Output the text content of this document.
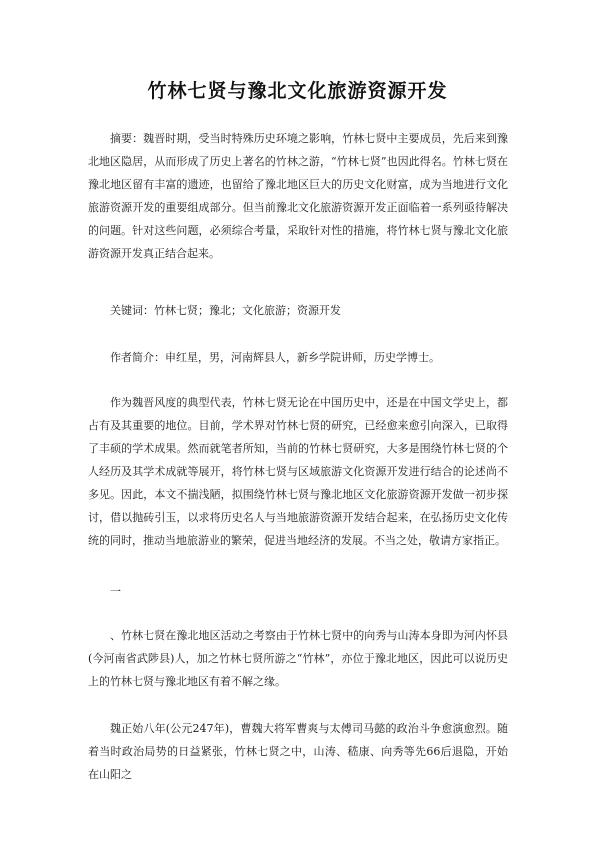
竹林七贤与豫北文化旅游资源开发

摘要：魏晋时期，受当时特殊历史环境之影响，竹林七贤中主要成员，先后来到豫北地区隐居，从而形成了历史上著名的竹林之游，“竹林七贤”也因此得名。竹林七贤在豫北地区留有丰富的遗迹，也留给了豫北地区巨大的历史文化财富，成为当地进行文化旅游资源开发的重要组成部分。但当前豫北文化旅游资源开发正面临着一系列亟待解决的问题。针对这些问题，必须综合考量，采取针对性的措施，将竹林七贤与豫北文化旅游资源开发真正结合起来。

关键词：竹林七贤；豫北；文化旅游；资源开发

作者简介：申红星，男，河南辉县人，新乡学院讲师，历史学博士。

作为魏晋风度的典型代表，竹林七贤无论在中国历史中，还是在中国文学史上，都占有及其重要的地位。目前，学术界对竹林七贤的研究，已经愈来愈引向深入，已取得了丰硕的学术成果。然而就笔者所知，当前的竹林七贤研究，大多是围绕竹林七贤的个人经历及其学术成就等展开，将竹林七贤与区域旅游文化资源开发进行结合的论述尚不多见。因此，本文不揣浅陋，拟围绕竹林七贤与豫北地区文化旅游资源开发做一初步探讨，借以抛砖引玉，以求将历史名人与当地旅游资源开发结合起来，在弘扬历史文化传统的同时，推动当地旅游业的繁荣，促进当地经济的发展。不当之处，敬请方家指正。

一

、竹林七贤在豫北地区活动之考察由于竹林七贤中的向秀与山涛本身即为河内怀县(今河南省武陟县)人，加之竹林七贤所游之“竹林”，亦位于豫北地区，因此可以说历史上的竹林七贤与豫北地区有着不解之缘。

魏正始八年(公元247年)，曹魏大将军曹爽与太傅司马懿的政治斗争愈演愈烈。随着当时政治局势的日益紧张，竹林七贤之中，山涛、嵇康、向秀等先66后退隐，开始在山阳之
